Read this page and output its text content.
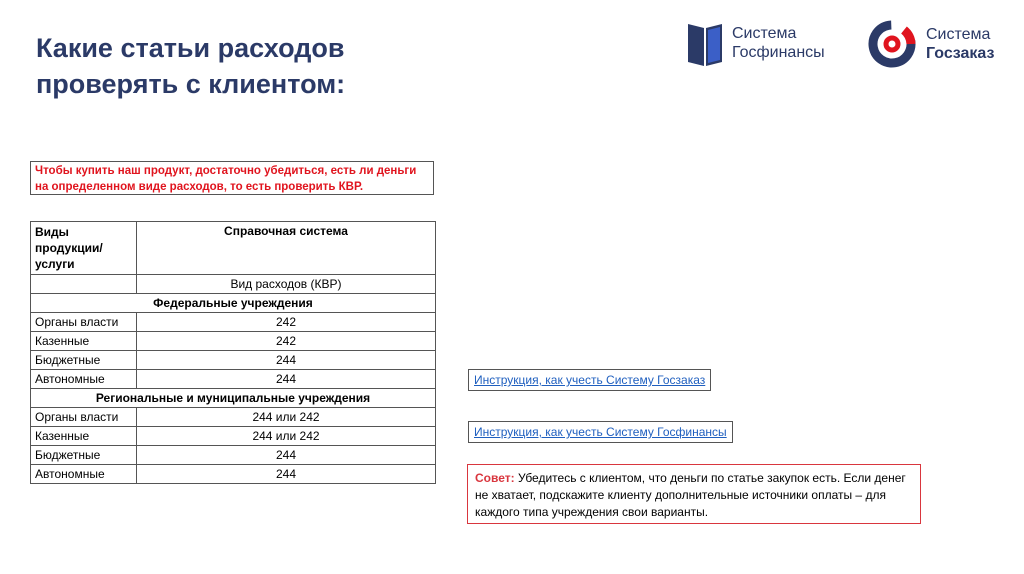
Какие статьи расходов
проверять с клиентом:
Система
Госфинансы
Система
Госзаказ
Чтобы купить наш продукт, достаточно убедиться, есть ли деньги на определенном виде расходов, то есть проверить КВР.
Виды продукции/ услуги	Справочная система
	Вид расходов (КВР)
Федеральные учреждения	
Органы власти	242
Казенные	242
Бюджетные	244
Автономные	244
Региональные и муниципальные учреждения	
Органы власти	244 или 242
Казенные	244 или 242
Бюджетные	244
Автономные	244
Инструкция, как учесть Систему Госзаказ
Инструкция, как учесть Систему Госфинансы
Совет: Убедитесь с клиентом, что деньги по статье закупок есть. Если денег не хватает, подскажите клиенту дополнительные источники оплаты – для каждого типа учреждения свои варианты.
